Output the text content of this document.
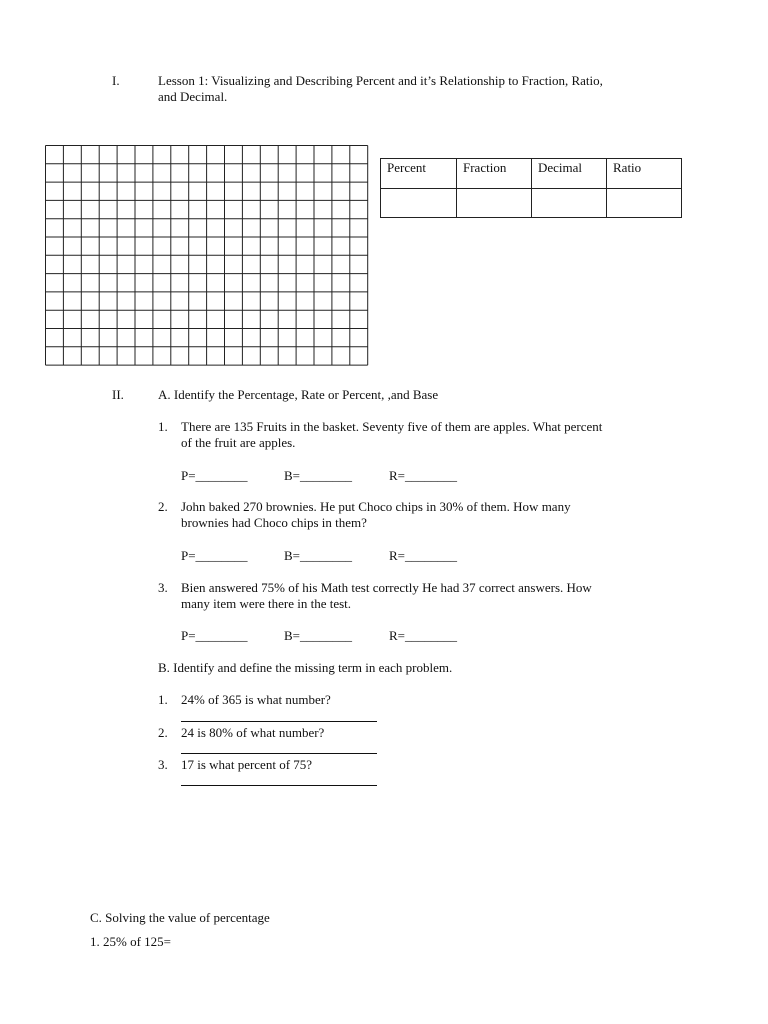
I.	Lesson 1: Visualizing and Describing Percent and it’s Relationship to Fraction, Ratio,
and Decimal.
Percent	Fraction	Decimal	Ratio

II.	A. Identify the Percentage, Rate or Percent, ,and Base
1. There are 135 Fruits in the basket. Seventy five of them are apples. What percent
of the fruit are apples.
P=________	B=________	R=________
2. John baked 270 brownies. He put Choco chips in 30% of them. How many
brownies had Choco chips in them?
P=________	B=________	R=________
3. Bien answered 75% of his Math test correctly He had 37 correct answers. How
many item were there in the test.
P=________	B=________	R=________
B. Identify and define the missing term in each problem.
1. 24% of 365 is what number?
2. 24 is 80% of what number?
3. 17 is what percent of 75?
C. Solving the value of percentage
1. 25% of 125=
